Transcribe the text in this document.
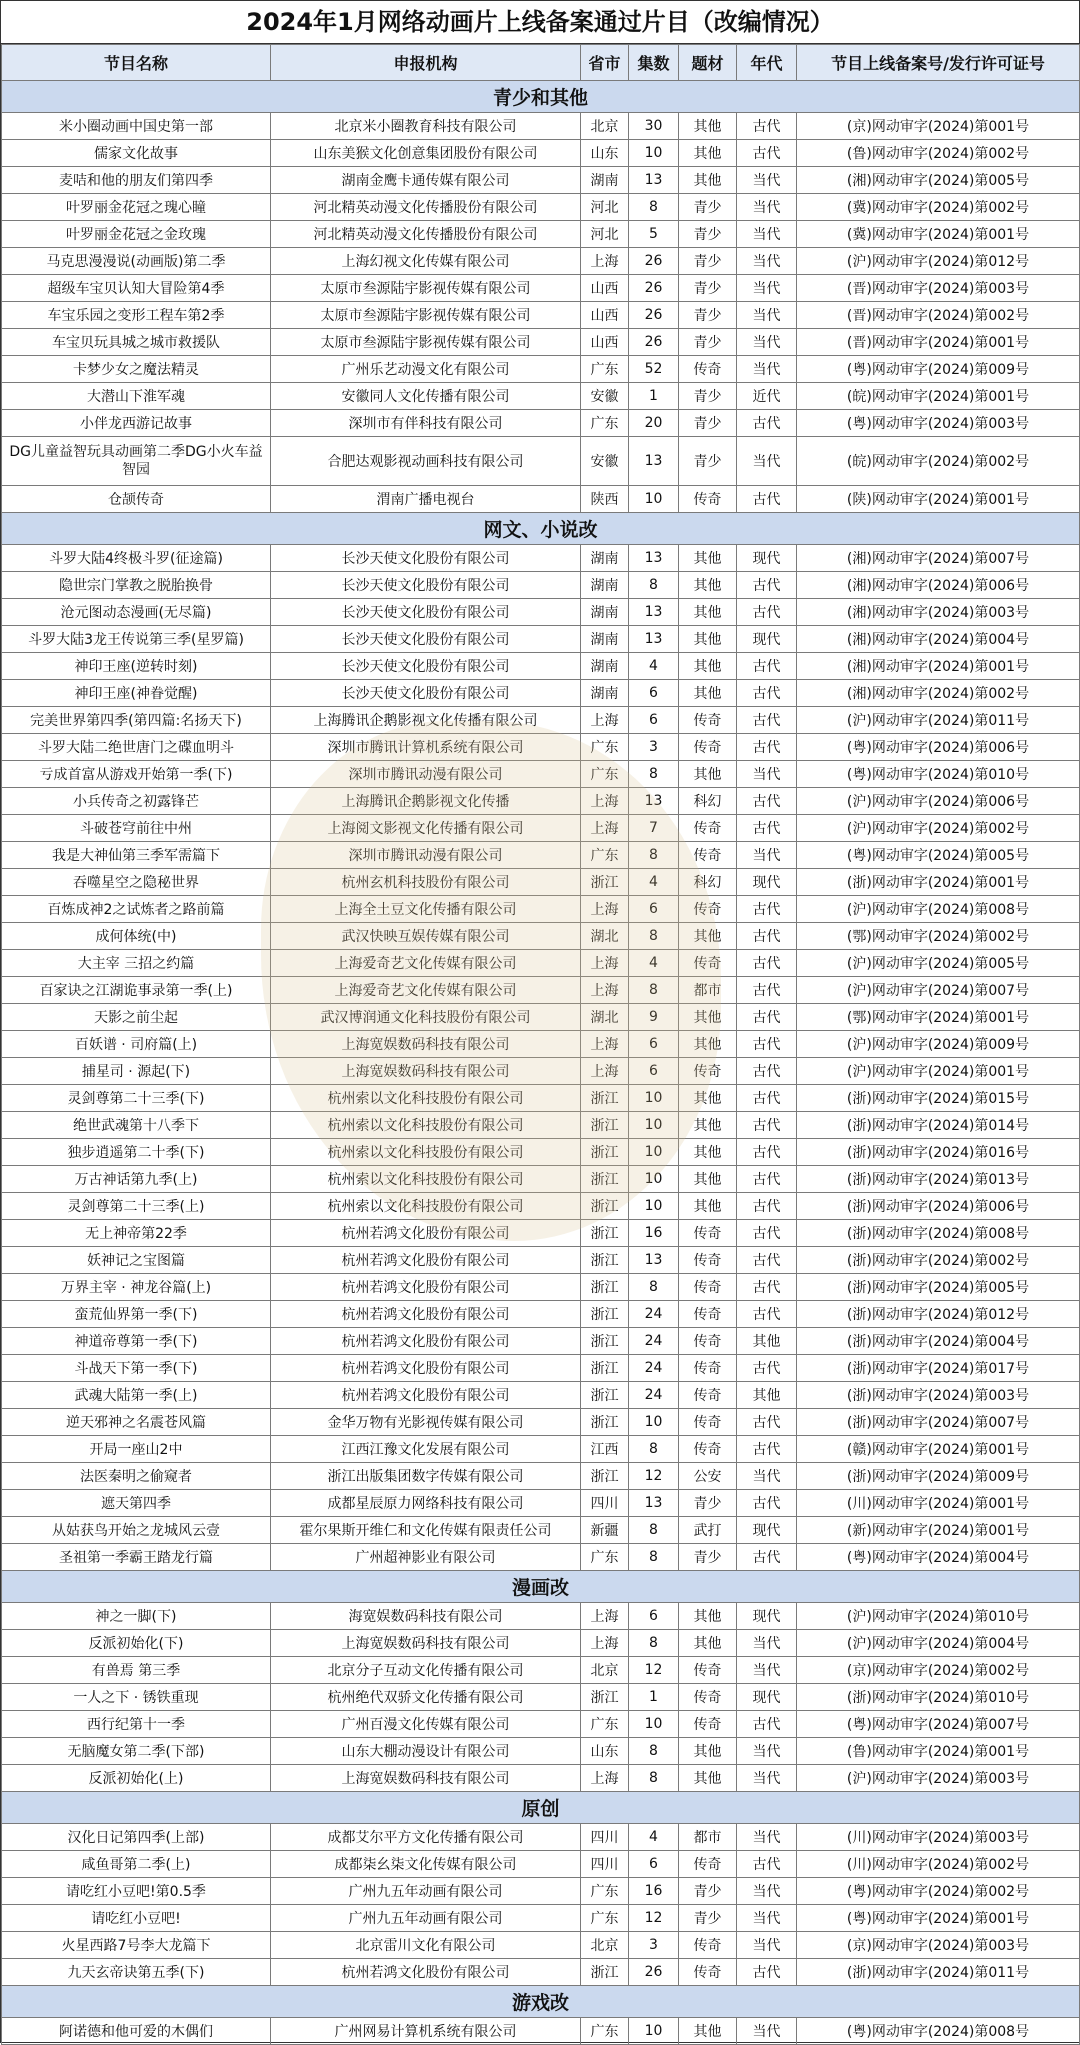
2024年1月网络动画片上线备案通过片目（改编情况）
节目名称	申报机构	省市	集数	题材	年代	节目上线备案号/发行许可证号
青少和其他						
米小圈动画中国史第一部	北京米小圈教育科技有限公司	北京	30	其他	古代	(京)网动审字(2024)第001号
儒家文化故事	山东美猴文化创意集团股份有限公司	山东	10	其他	古代	(鲁)网动审字(2024)第002号
麦咭和他的朋友们第四季	湖南金鹰卡通传媒有限公司	湖南	13	其他	当代	(湘)网动审字(2024)第005号
叶罗丽金花冠之瑰心瞳	河北精英动漫文化传播股份有限公司	河北	8	青少	当代	(冀)网动审字(2024)第002号
叶罗丽金花冠之金玫瑰	河北精英动漫文化传播股份有限公司	河北	5	青少	当代	(冀)网动审字(2024)第001号
马克思漫漫说(动画版)第二季	上海幻视文化传媒有限公司	上海	26	青少	当代	(沪)网动审字(2024)第012号
超级车宝贝认知大冒险第4季	太原市叁源陆宇影视传媒有限公司	山西	26	青少	当代	(晋)网动审字(2024)第003号
车宝乐园之变形工程车第2季	太原市叁源陆宇影视传媒有限公司	山西	26	青少	当代	(晋)网动审字(2024)第002号
车宝贝玩具城之城市救援队	太原市叁源陆宇影视传媒有限公司	山西	26	青少	当代	(晋)网动审字(2024)第001号
卡梦少女之魔法精灵	广州乐艺动漫文化有限公司	广东	52	传奇	当代	(粤)网动审字(2024)第009号
大潜山下淮军魂	安徽同人文化传播有限公司	安徽	1	青少	近代	(皖)网动审字(2024)第001号
小伴龙西游记故事	深圳市有伴科技有限公司	广东	20	青少	古代	(粤)网动审字(2024)第003号
DG儿童益智玩具动画第二季DG小火车益智园	合肥达观影视动画科技有限公司	安徽	13	青少	当代	(皖)网动审字(2024)第002号
仓颉传奇	渭南广播电视台	陕西	10	传奇	古代	(陕)网动审字(2024)第001号
网文、小说改						
斗罗大陆4终极斗罗(征途篇)	长沙天使文化股份有限公司	湖南	13	其他	现代	(湘)网动审字(2024)第007号
隐世宗门掌教之脱胎换骨	长沙天使文化股份有限公司	湖南	8	其他	古代	(湘)网动审字(2024)第006号
沧元图动态漫画(无尽篇)	长沙天使文化股份有限公司	湖南	13	其他	古代	(湘)网动审字(2024)第003号
斗罗大陆3龙王传说第三季(星罗篇)	长沙天使文化股份有限公司	湖南	13	其他	现代	(湘)网动审字(2024)第004号
神印王座(逆转时刻)	长沙天使文化股份有限公司	湖南	4	其他	古代	(湘)网动审字(2024)第001号
神印王座(神眷觉醒)	长沙天使文化股份有限公司	湖南	6	其他	古代	(湘)网动审字(2024)第002号
完美世界第四季(第四篇:名扬天下)	上海腾讯企鹅影视文化传播有限公司	上海	6	传奇	古代	(沪)网动审字(2024)第011号
斗罗大陆二绝世唐门之碟血明斗	深圳市腾讯计算机系统有限公司	广东	3	传奇	古代	(粤)网动审字(2024)第006号
亏成首富从游戏开始第一季(下)	深圳市腾讯动漫有限公司	广东	8	其他	当代	(粤)网动审字(2024)第010号
小兵传奇之初露锋芒	上海腾讯企鹅影视文化传播	上海	13	科幻	古代	(沪)网动审字(2024)第006号
斗破苍穹前往中州	上海阅文影视文化传播有限公司	上海	7	传奇	古代	(沪)网动审字(2024)第002号
我是大神仙第三季军需篇下	深圳市腾讯动漫有限公司	广东	8	传奇	当代	(粤)网动审字(2024)第005号
吞噬星空之隐秘世界	杭州玄机科技股份有限公司	浙江	4	科幻	现代	(浙)网动审字(2024)第001号
百炼成神2之试炼者之路前篇	上海全土豆文化传播有限公司	上海	6	传奇	古代	(沪)网动审字(2024)第008号
成何体统(中)	武汉快映互娱传媒有限公司	湖北	8	其他	古代	(鄂)网动审字(2024)第002号
大主宰 三招之约篇	上海爱奇艺文化传媒有限公司	上海	4	传奇	古代	(沪)网动审字(2024)第005号
百家诀之江湖诡事录第一季(上)	上海爱奇艺文化传媒有限公司	上海	8	都市	古代	(沪)网动审字(2024)第007号
天影之前尘起	武汉博润通文化科技股份有限公司	湖北	9	其他	古代	(鄂)网动审字(2024)第001号
百妖谱 · 司府篇(上)	上海宽娱数码科技有限公司	上海	6	其他	古代	(沪)网动审字(2024)第009号
捕星司 · 源起(下)	上海宽娱数码科技有限公司	上海	6	传奇	古代	(沪)网动审字(2024)第001号
灵剑尊第二十三季(下)	杭州索以文化科技股份有限公司	浙江	10	其他	古代	(浙)网动审字(2024)第015号
绝世武魂第十八季下	杭州索以文化科技股份有限公司	浙江	10	其他	古代	(浙)网动审字(2024)第014号
独步逍遥第二十季(下)	杭州索以文化科技股份有限公司	浙江	10	其他	古代	(浙)网动审字(2024)第016号
万古神话第九季(上)	杭州索以文化科技股份有限公司	浙江	10	其他	古代	(浙)网动审字(2024)第013号
灵剑尊第二十三季(上)	杭州索以文化科技股份有限公司	浙江	10	其他	古代	(浙)网动审字(2024)第006号
无上神帝第22季	杭州若鸿文化股份有限公司	浙江	16	传奇	古代	(浙)网动审字(2024)第008号
妖神记之宝图篇	杭州若鸿文化股份有限公司	浙江	13	传奇	古代	(浙)网动审字(2024)第002号
万界主宰 · 神龙谷篇(上)	杭州若鸿文化股份有限公司	浙江	8	传奇	古代	(浙)网动审字(2024)第005号
蛮荒仙界第一季(下)	杭州若鸿文化股份有限公司	浙江	24	传奇	古代	(浙)网动审字(2024)第012号
神道帝尊第一季(下)	杭州若鸿文化股份有限公司	浙江	24	传奇	其他	(浙)网动审字(2024)第004号
斗战天下第一季(下)	杭州若鸿文化股份有限公司	浙江	24	传奇	古代	(浙)网动审字(2024)第017号
武魂大陆第一季(上)	杭州若鸿文化股份有限公司	浙江	24	传奇	其他	(浙)网动审字(2024)第003号
逆天邪神之名震苍风篇	金华万物有光影视传媒有限公司	浙江	10	传奇	古代	(浙)网动审字(2024)第007号
开局一座山2中	江西江豫文化发展有限公司	江西	8	传奇	古代	(赣)网动审字(2024)第001号
法医秦明之偷窥者	浙江出版集团数字传媒有限公司	浙江	12	公安	当代	(浙)网动审字(2024)第009号
遮天第四季	成都星辰原力网络科技有限公司	四川	13	青少	古代	(川)网动审字(2024)第001号
从姑获鸟开始之龙城风云壹	霍尔果斯开维仁和文化传媒有限责任公司	新疆	8	武打	现代	(新)网动审字(2024)第001号
圣祖第一季霸王踏龙行篇	广州超神影业有限公司	广东	8	青少	古代	(粤)网动审字(2024)第004号
漫画改						
神之一脚(下)	海宽娱数码科技有限公司	上海	6	其他	现代	(沪)网动审字(2024)第010号
反派初始化(下)	上海宽娱数码科技有限公司	上海	8	其他	当代	(沪)网动审字(2024)第004号
有兽焉 第三季	北京分子互动文化传播有限公司	北京	12	传奇	当代	(京)网动审字(2024)第002号
一人之下 · 锈铁重现	杭州绝代双骄文化传播有限公司	浙江	1	传奇	现代	(浙)网动审字(2024)第010号
西行纪第十一季	广州百漫文化传媒有限公司	广东	10	传奇	古代	(粤)网动审字(2024)第007号
无脑魔女第二季(下部)	山东大棚动漫设计有限公司	山东	8	其他	当代	(鲁)网动审字(2024)第001号
反派初始化(上)	上海宽娱数码科技有限公司	上海	8	其他	当代	(沪)网动审字(2024)第003号
原创						
汉化日记第四季(上部)	成都艾尔平方文化传播有限公司	四川	4	都市	当代	(川)网动审字(2024)第003号
咸鱼哥第二季(上)	成都柒幺柒文化传媒有限公司	四川	6	传奇	古代	(川)网动审字(2024)第002号
请吃红小豆吧!第0.5季	广州九五年动画有限公司	广东	16	青少	当代	(粤)网动审字(2024)第002号
请吃红小豆吧!	广州九五年动画有限公司	广东	12	青少	当代	(粤)网动审字(2024)第001号
火星西路7号李大龙篇下	北京雷川文化有限公司	北京	3	传奇	当代	(京)网动审字(2024)第003号
九天玄帝诀第五季(下)	杭州若鸿文化股份有限公司	浙江	26	传奇	古代	(浙)网动审字(2024)第011号
游戏改						
阿诺德和他可爱的木偶们	广州网易计算机系统有限公司	广东	10	其他	当代	(粤)网动审字(2024)第008号
